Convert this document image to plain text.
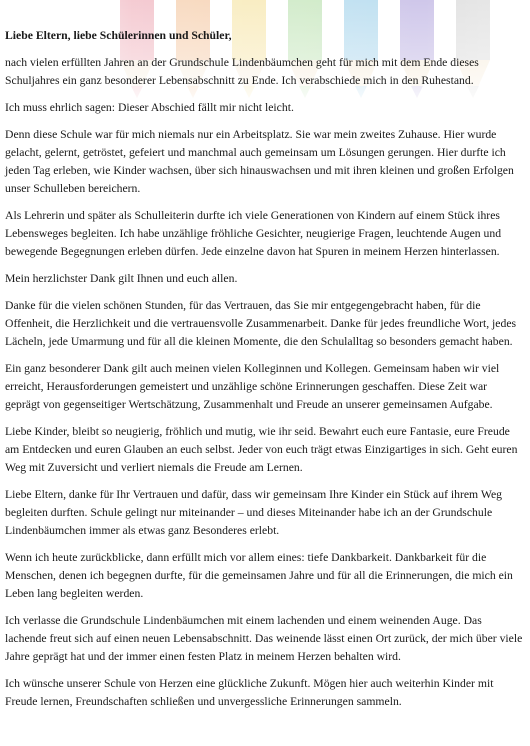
Liebe Eltern, liebe Schülerinnen und Schüler,

nach vielen erfüllten Jahren an der Grundschule Lindenbäumchen geht für mich mit dem Ende dieses Schuljahres ein ganz besonderer Lebensabschnitt zu Ende. Ich verabschiede mich in den Ruhestand.

Ich muss ehrlich sagen: Dieser Abschied fällt mir nicht leicht.

Denn diese Schule war für mich niemals nur ein Arbeitsplatz. Sie war mein zweites Zuhause. Hier wurde gelacht, gelernt, getröstet, gefeiert und manchmal auch gemeinsam um Lösungen gerungen. Hier durfte ich jeden Tag erleben, wie Kinder wachsen, über sich hinauswachsen und mit ihren kleinen und großen Erfolgen unser Schulleben bereichern.

Als Lehrerin und später als Schulleiterin durfte ich viele Generationen von Kindern auf einem Stück ihres Lebensweges begleiten. Ich habe unzählige fröhliche Gesichter, neugierige Fragen, leuchtende Augen und bewegende Begegnungen erleben dürfen. Jede einzelne davon hat Spuren in meinem Herzen hinterlassen.

Mein herzlichster Dank gilt Ihnen und euch allen.

Danke für die vielen schönen Stunden, für das Vertrauen, das Sie mir entgegengebracht haben, für die Offenheit, die Herzlichkeit und die vertrauensvolle Zusammenarbeit. Danke für jedes freundliche Wort, jedes Lächeln, jede Umarmung und für all die kleinen Momente, die den Schulalltag so besonders gemacht haben.

Ein ganz besonderer Dank gilt auch meinen vielen Kolleginnen und Kollegen. Gemeinsam haben wir viel erreicht, Herausforderungen gemeistert und unzählige schöne Erinnerungen geschaffen. Diese Zeit war geprägt von gegenseitiger Wertschätzung, Zusammenhalt und Freude an unserer gemeinsamen Aufgabe.

Liebe Kinder, bleibt so neugierig, fröhlich und mutig, wie ihr seid. Bewahrt euch eure Fantasie, eure Freude am Entdecken und euren Glauben an euch selbst. Jeder von euch trägt etwas Einzigartiges in sich. Geht euren Weg mit Zuversicht und verliert niemals die Freude am Lernen.

Liebe Eltern, danke für Ihr Vertrauen und dafür, dass wir gemeinsam Ihre Kinder ein Stück auf ihrem Weg begleiten durften. Schule gelingt nur miteinander – und dieses Miteinander habe ich an der Grundschule Lindenbäumchen immer als etwas ganz Besonderes erlebt.

Wenn ich heute zurückblicke, dann erfüllt mich vor allem eines: tiefe Dankbarkeit. Dankbarkeit für die Menschen, denen ich begegnen durfte, für die gemeinsamen Jahre und für all die Erinnerungen, die mich ein Leben lang begleiten werden.

Ich verlasse die Grundschule Lindenbäumchen mit einem lachenden und einem weinenden Auge. Das lachende freut sich auf einen neuen Lebensabschnitt. Das weinende lässt einen Ort zurück, der mich über viele Jahre geprägt hat und der immer einen festen Platz in meinem Herzen behalten wird.

Ich wünsche unserer Schule von Herzen eine glückliche Zukunft. Mögen hier auch weiterhin Kinder mit Freude lernen, Freundschaften schließen und unvergessliche Erinnerungen sammeln.
